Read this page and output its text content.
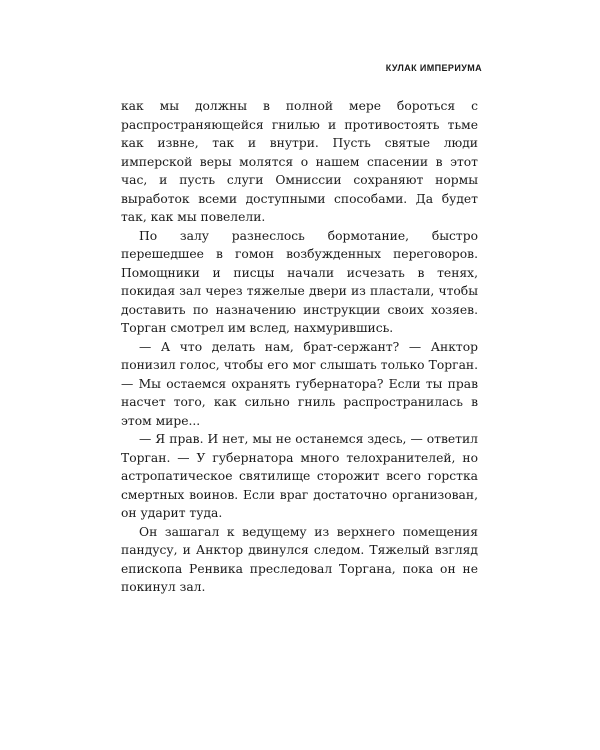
КУЛАК ИМПЕРИУМА

как мы должны в полной мере бороться с распространяющейся гнилью и противостоять тьме как извне, так и внутри. Пусть святые люди имперской веры молятся о нашем спасении в этот час, и пусть слуги Омниссии сохраняют нормы выработок всеми доступными способами. Да будет так, как мы повелели.

По залу разнеслось бормотание, быстро перешедшее в гомон возбужденных переговоров. Помощники и писцы начали исчезать в тенях, покидая зал через тяжелые двери из пластали, чтобы доставить по назначению инструкции своих хозяев. Торган смотрел им вслед, нахмурившись.

— А что делать нам, брат-сержант? — Анктор понизил голос, чтобы его мог слышать только Торган. — Мы остаемся охранять губернатора? Если ты прав насчет того, как сильно гниль распространилась в этом мире...

— Я прав. И нет, мы не останемся здесь, — ответил Торган. — У губернатора много телохранителей, но астропатическое святилище сторожит всего горстка смертных воинов. Если враг достаточно организован, он ударит туда.

Он зашагал к ведущему из верхнего помещения пандусу, и Анктор двинулся следом. Тяжелый взгляд епископа Ренвика преследовал Торгана, пока он не покинул зал.
